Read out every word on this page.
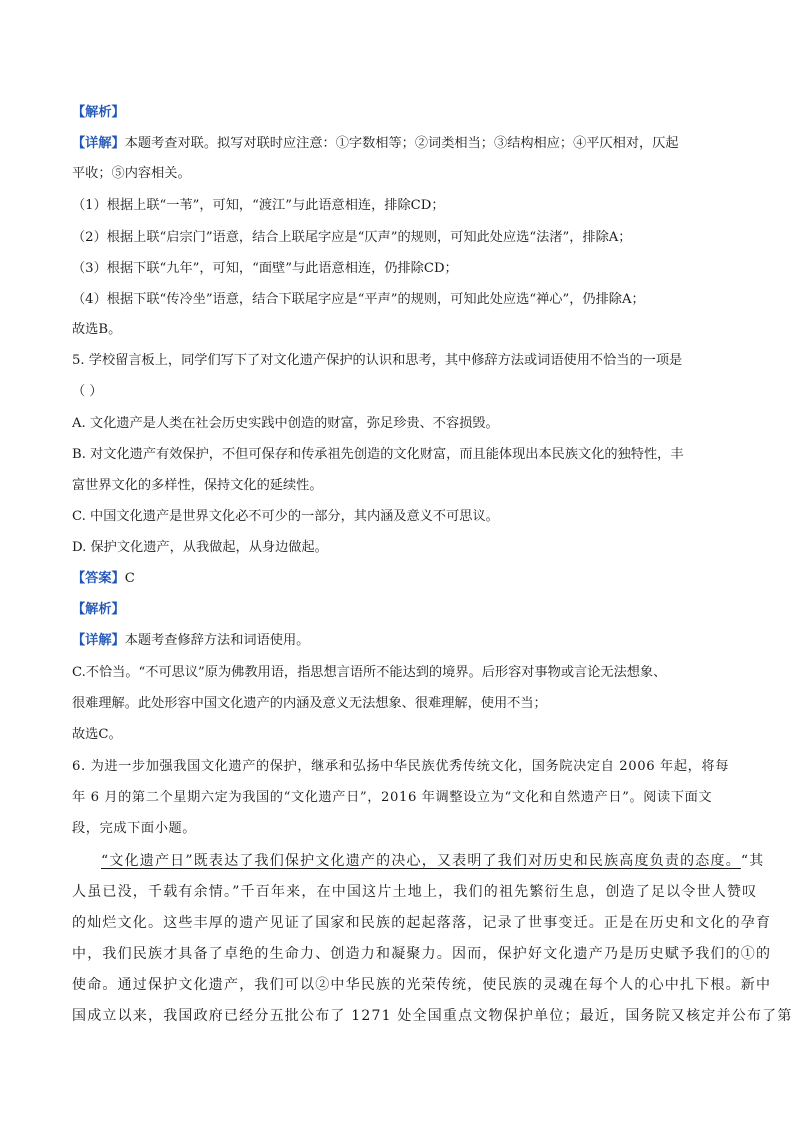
【解析】
【详解】本题考查对联。拟写对联时应注意：①字数相等；②词类相当；③结构相应；④平仄相对，仄起
平收；⑤内容相关。
（1）根据上联“一苇”，可知，“渡江”与此语意相连，排除CD；
（2）根据上联“启宗门”语意，结合上联尾字应是“仄声”的规则，可知此处应选“法渚”，排除A；
（3）根据下联“九年”，可知，“面壁”与此语意相连，仍排除CD；
（4）根据下联“传冷坐”语意，结合下联尾字应是“平声”的规则，可知此处应选“禅心”，仍排除A；
故选B。
5. 学校留言板上，同学们写下了对文化遗产保护的认识和思考，其中修辞方法或词语使用不恰当的一项是
（ ）
A. 文化遗产是人类在社会历史实践中创造的财富，弥足珍贵、不容损毁。
B. 对文化遗产有效保护，不但可保存和传承祖先创造的文化财富，而且能体现出本民族文化的独特性，丰
富世界文化的多样性，保持文化的延续性。
C. 中国文化遗产是世界文化必不可少的一部分，其内涵及意义不可思议。
D. 保护文化遗产，从我做起，从身边做起。
【答案】C
【解析】
【详解】本题考查修辞方法和词语使用。
C.不恰当。“不可思议”原为佛教用语，指思想言语所不能达到的境界。后形容对事物或言论无法想象、
很难理解。此处形容中国文化遗产的内涵及意义无法想象、很难理解，使用不当；
故选C。
6. 为进一步加强我国文化遗产的保护，继承和弘扬中华民族优秀传统文化，国务院决定自 2006 年起，将每
年 6 月的第二个星期六定为我国的“文化遗产日”，2016 年调整设立为“文化和自然遗产日”。阅读下面文
段，完成下面小题。
“文化遗产日”既表达了我们保护文化遗产的决心，又表明了我们对历史和民族高度负责的态度。“其
人虽已没，千载有余情。”千百年来，在中国这片土地上，我们的祖先繁衍生息，创造了足以令世人赞叹
的灿烂文化。这些丰厚的遗产见证了国家和民族的起起落落，记录了世事变迁。正是在历史和文化的孕育
中，我们民族才具备了卓绝的生命力、创造力和凝聚力。因而，保护好文化遗产乃是历史赋予我们的①的
使命。通过保护文化遗产，我们可以②中华民族的光荣传统，使民族的灵魂在每个人的心中扎下根。新中
国成立以来，我国政府已经分五批公布了 1271 处全国重点文物保护单位；最近，国务院又核定并公布了第
